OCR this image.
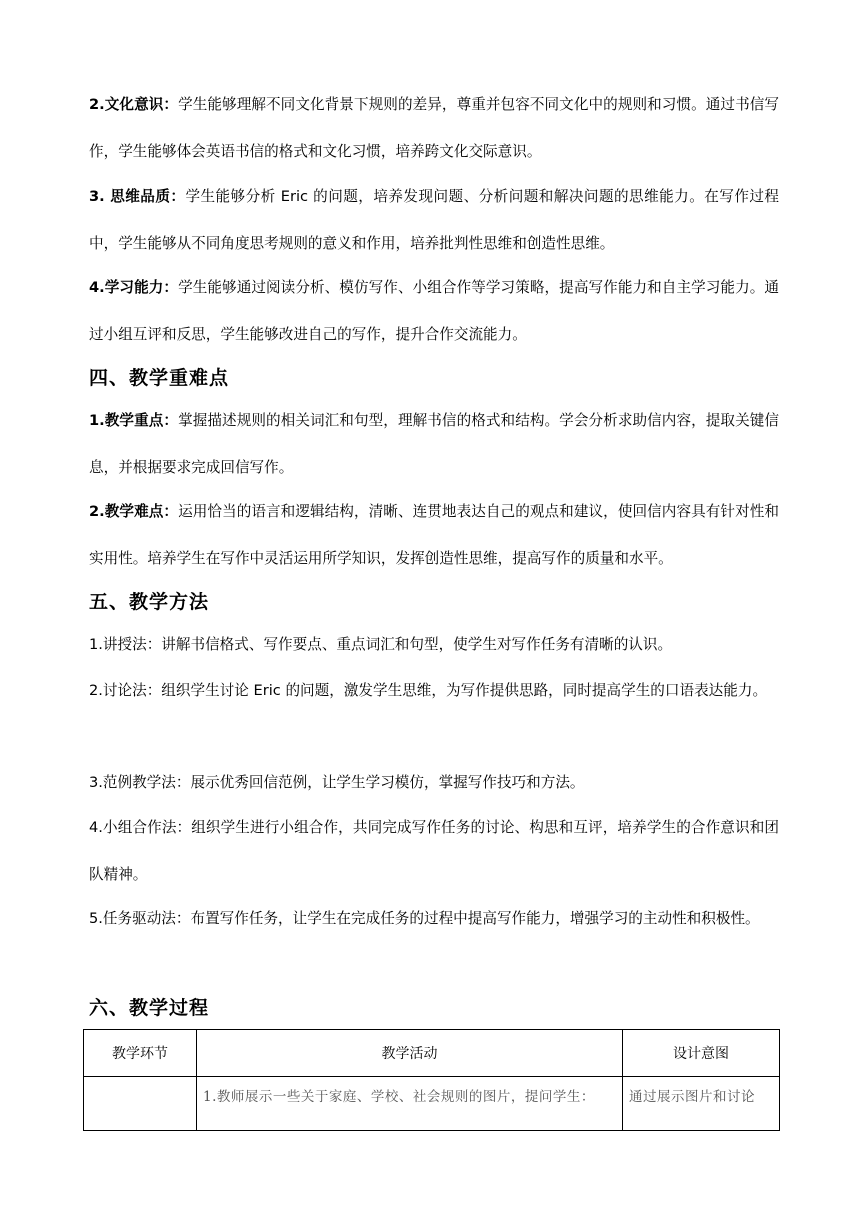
2.文化意识：学生能够理解不同文化背景下规则的差异，尊重并包容不同文化中的规则和习惯。通过书信写作，学生能够体会英语书信的格式和文化习惯，培养跨文化交际意识。

3. 思维品质：学生能够分析 Eric 的问题，培养发现问题、分析问题和解决问题的思维能力。在写作过程中，学生能够从不同角度思考规则的意义和作用，培养批判性思维和创造性思维。

4.学习能力：学生能够通过阅读分析、模仿写作、小组合作等学习策略，提高写作能力和自主学习能力。通过小组互评和反思，学生能够改进自己的写作，提升合作交流能力。

四、教学重难点

1.教学重点：掌握描述规则的相关词汇和句型，理解书信的格式和结构。学会分析求助信内容，提取关键信息，并根据要求完成回信写作。

2.教学难点：运用恰当的语言和逻辑结构，清晰、连贯地表达自己的观点和建议，使回信内容具有针对性和实用性。培养学生在写作中灵活运用所学知识，发挥创造性思维，提高写作的质量和水平。

五、教学方法

1.讲授法：讲解书信格式、写作要点、重点词汇和句型，使学生对写作任务有清晰的认识。

2.讨论法：组织学生讨论 Eric 的问题，激发学生思维，为写作提供思路，同时提高学生的口语表达能力。

3.范例教学法：展示优秀回信范例，让学生学习模仿，掌握写作技巧和方法。

4.小组合作法：组织学生进行小组合作，共同完成写作任务的讨论、构思和互评，培养学生的合作意识和团队精神。

5.任务驱动法：布置写作任务，让学生在完成任务的过程中提高写作能力，增强学习的主动性和积极性。

六、教学过程
教学环节	教学活动	设计意图
	1.教师展示一些关于家庭、学校、社会规则的图片，提问学生：	通过展示图片和讨论
